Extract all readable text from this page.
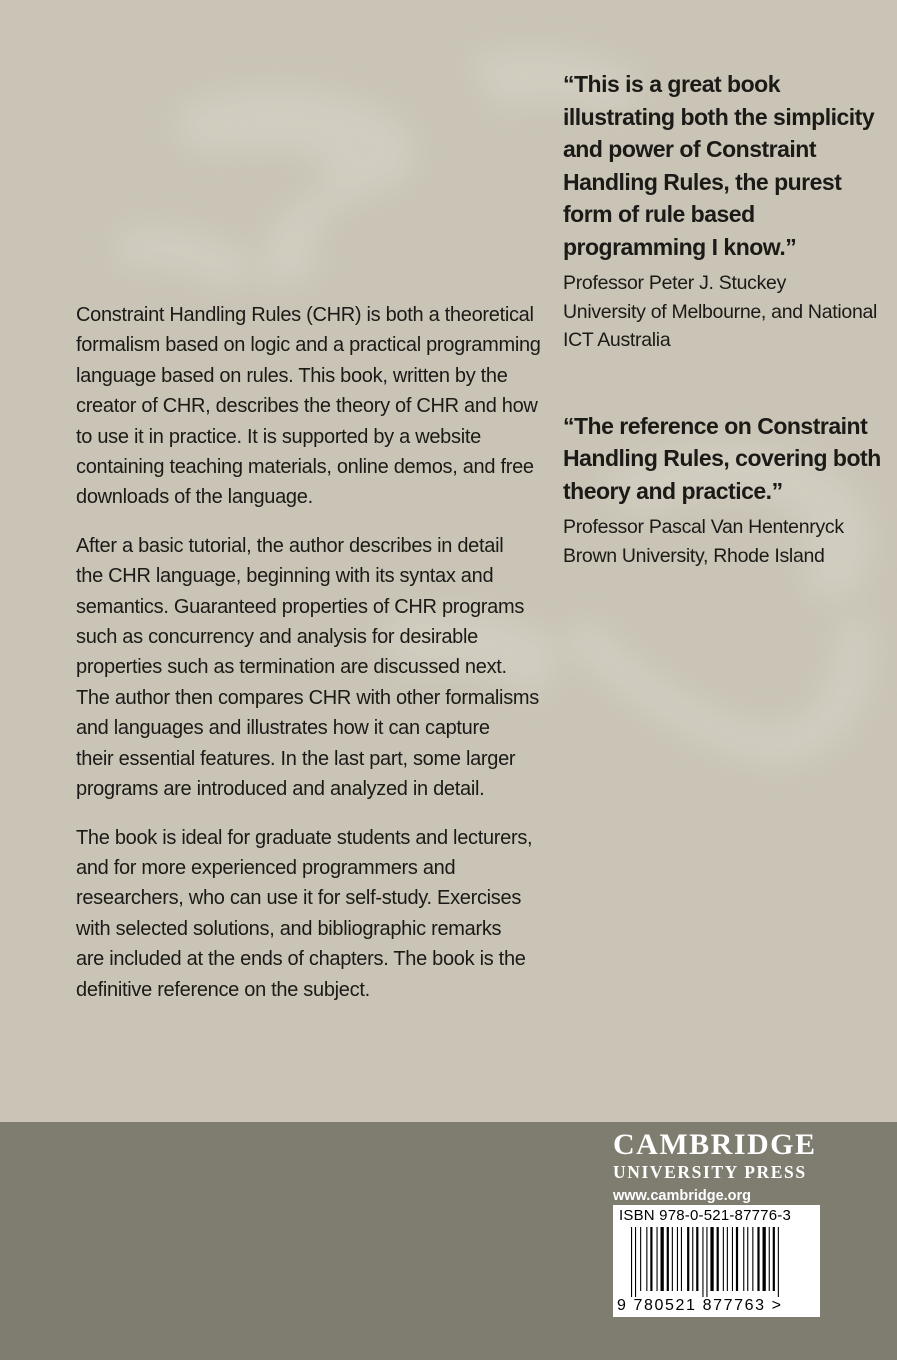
Constraint Handling Rules (CHR) is both a theoretical
formalism based on logic and a practical programming
language based on rules. This book, written by the
creator of CHR, describes the theory of CHR and how
to use it in practice. It is supported by a website
containing teaching materials, online demos, and free
downloads of the language.

After a basic tutorial, the author describes in detail
the CHR language, beginning with its syntax and
semantics. Guaranteed properties of CHR programs
such as concurrency and analysis for desirable
properties such as termination are discussed next.
The author then compares CHR with other formalisms
and languages and illustrates how it can capture
their essential features. In the last part, some larger
programs are introduced and analyzed in detail.

The book is ideal for graduate students and lecturers,
and for more experienced programmers and
researchers, who can use it for self-study. Exercises
with selected solutions, and bibliographic remarks
are included at the ends of chapters. The book is the
definitive reference on the subject.

“This is a great book illustrating both the simplicity and power of Constraint Handling Rules, the purest form of rule based programming I know.”
Professor Peter J. Stuckey
University of Melbourne, and National
ICT Australia
“The reference on Constraint Handling Rules, covering both theory and practice.”
Professor Pascal Van Hentenryck
Brown University, Rhode Island
CAMBRIDGE
UNIVERSITY PRESS
www.cambridge.org
ISBN 978-0-521-87776-3
9 780521 877763 >
